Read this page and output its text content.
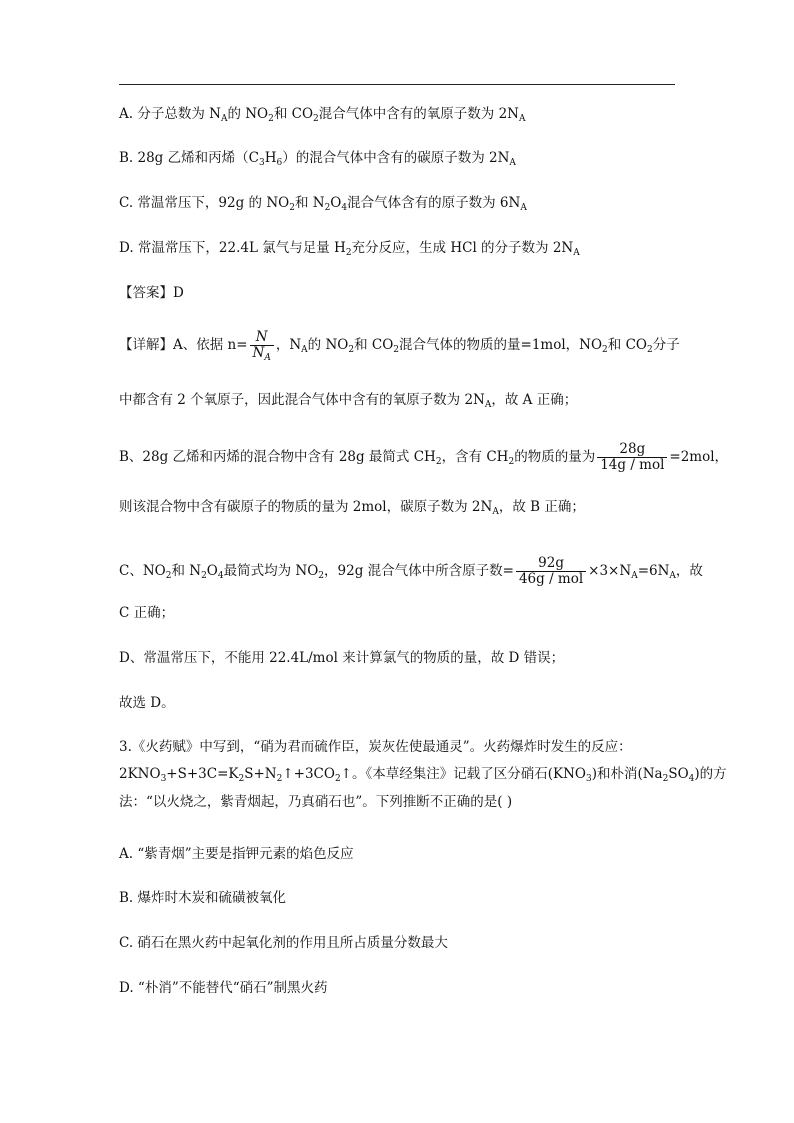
A. 分子总数为 $N_A$的 $NO_2$和 $CO_2$混合气体中含有的氧原子数为 $2N_A$
B. 28g 乙烯和丙烯$(C_3H_6)$的混合气体中含有的碳原子数为 $2N_A$
C. 常温常压下，92g 的 $NO_2$和 $N_2O_4$混合气体含有的原子数为 $6N_A$
D. 常温常压下，22.4L 氯气与足量 $H_2$充分反应，生成 HCl 的分子数为 $2N_A$
【答案】D
【详解】A、依据 $n= \frac{N}{N_A}$ ，$N_A$的 $NO_2$和 $CO_2$混合气体的物质的量=1mol，$NO_2$和 $CO_2$分子
中都含有 2 个氧原子，因此混合气体中含有的氧原子数为 $2N_A$，故 A 正确；
B、28g 乙烯和丙烯的混合物中含有 28g 最简式 $CH_2$，含有 $CH_2$的物质的量为 $\frac{28g}{\text{14g / mol}} =2mol$，
则该混合物中含有碳原子的物质的量为 2mol，碳原子数为 $2N_A$，故 B 正确；
C、$NO_2$和 $N_2O_4$最简式均为 $NO_2$，92g 混合气体中所含原子数= $\frac{92g}{\text{46g / mol}} \times 3\times N_A=6N_A$，故
C 正确；
D、常温常压下，不能用 22.4L/mol 来计算氯气的物质的量，故 D 错误；
故选 D。
3.《火药赋》中写到，“硝为君而硫作臣，炭灰佐使最通灵”。火药爆炸时发生的反应：
$2KNO_3+S+3C=K_2S+N_2↑+3CO_2↑$。《本草经集注》记载了区分硝石$(KNO_3)$和朴消$(Na_2SO_4)$的方
法：“以火烧之，紫青烟起，乃真硝石也”。下列推断不正确的是( )
A. “紫青烟”主要是指钾元素的焰色反应
B. 爆炸时木炭和硫磺被氧化
C. 硝石在黑火药中起氧化剂的作用且所占质量分数最大
D. “朴消”不能替代“硝石”制黑火药
